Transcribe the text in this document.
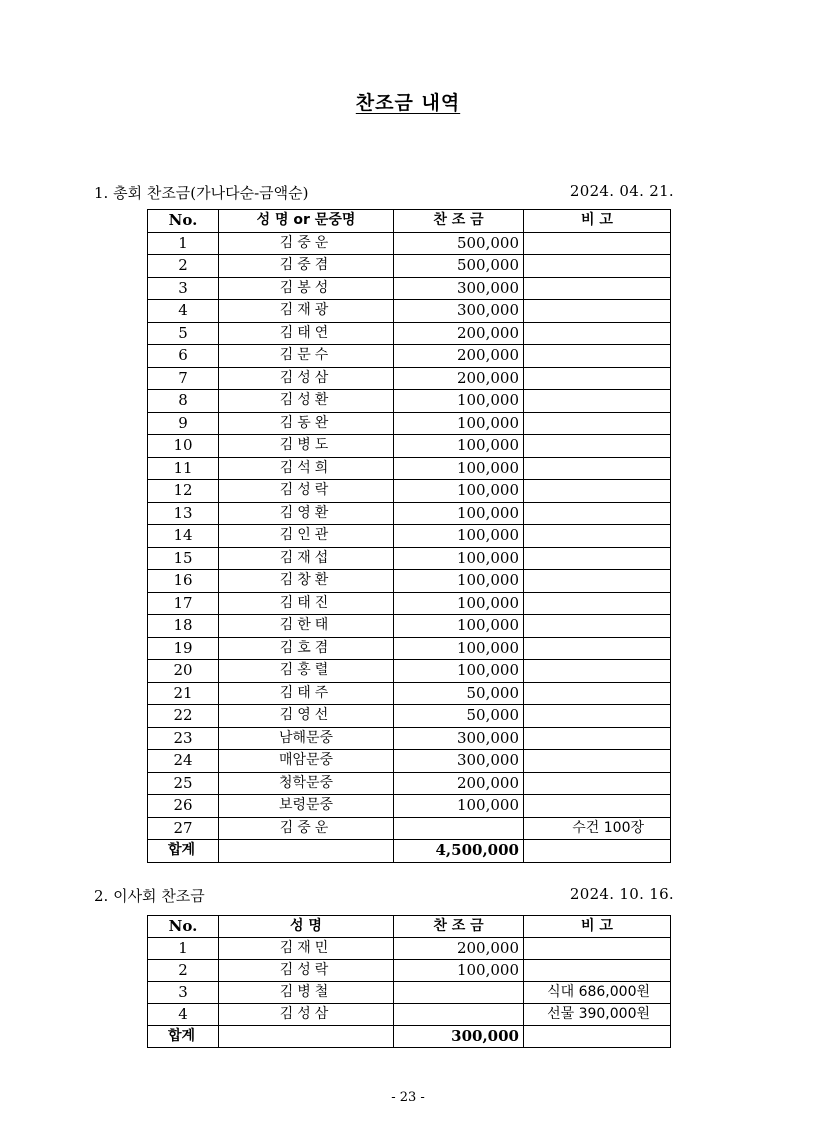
찬조금 내역
1. 총회 찬조금(가나다순-금액순)	2024. 04. 21.
No.	성 명 or 문중명	찬 조 금	비 고
1	김중운	500,000	
2	김중겸	500,000	
3	김봉성	300,000	
4	김재광	300,000	
5	김태연	200,000	
6	김문수	200,000	
7	김성삼	200,000	
8	김성환	100,000	
9	김동완	100,000	
10	김병도	100,000	
11	김석희	100,000	
12	김성락	100,000	
13	김영환	100,000	
14	김인관	100,000	
15	김재섭	100,000	
16	김창환	100,000	
17	김태진	100,000	
18	김한태	100,000	
19	김호겸	100,000	
20	김홍렬	100,000	
21	김태주	50,000	
22	김영선	50,000	
23	남해문중	300,000	
24	매암문중	300,000	
25	청학문중	200,000	
26	보령문중	100,000	
27	김중운		수건 100장
합계		4,500,000	
2. 이사회 찬조금	2024. 10. 16.
No.	성 명	찬 조 금	비 고
1	김재민	200,000	
2	김성락	100,000	
3	김병철		식대 686,000원
4	김성삼		선물 390,000원
합계		300,000	
- 23 -
